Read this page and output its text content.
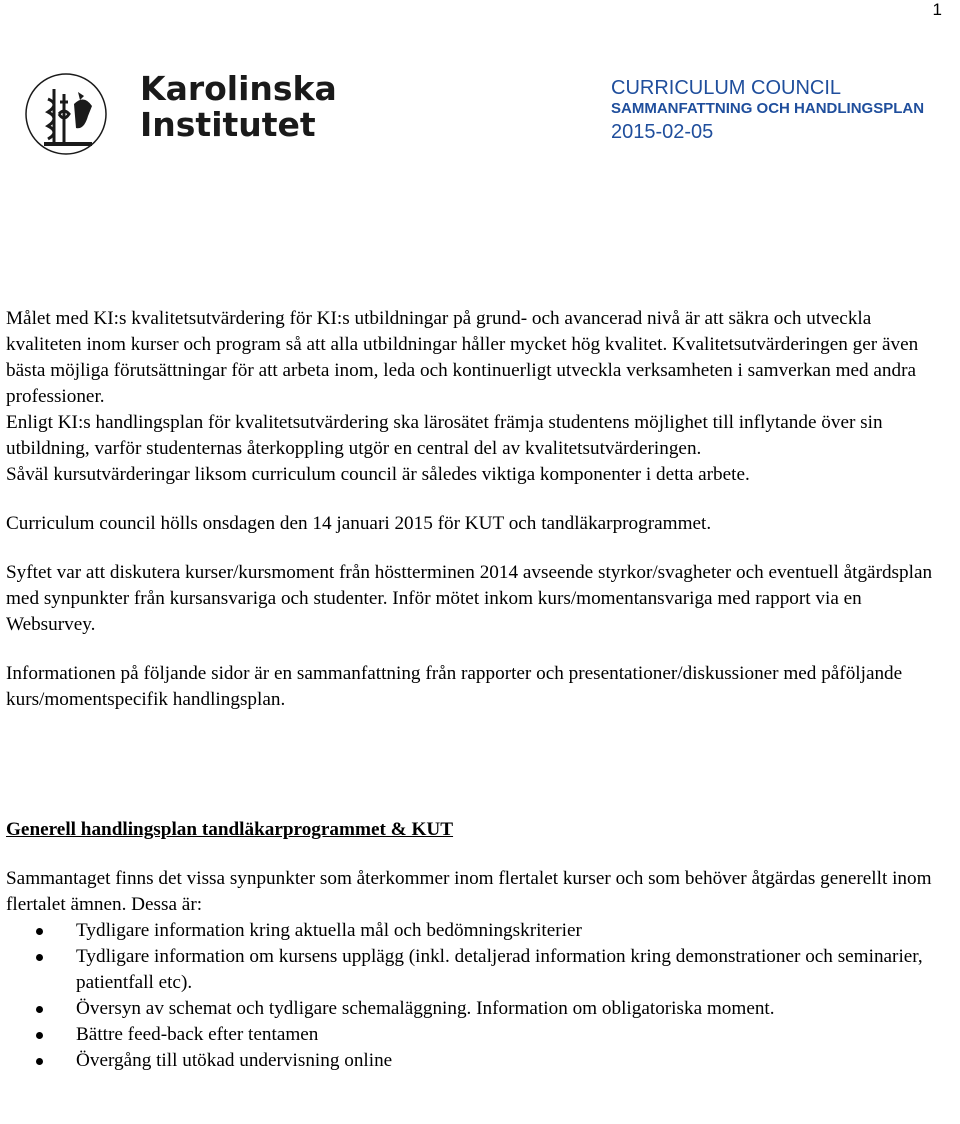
1
Karolinska
Institutet
CURRICULUM COUNCIL
SAMMANFATTNING OCH HANDLINGSPLAN
2015-02-05

Målet med KI:s kvalitetsutvärdering för KI:s utbildningar på grund- och avancerad nivå är att säkra och utveckla kvaliteten inom kurser och program så att alla utbildningar håller mycket hög kvalitet. Kvalitetsutvärderingen ger även bästa möjliga förutsättningar för att arbeta inom, leda och kontinuerligt utveckla verksamheten i samverkan med andra professioner.

Enligt KI:s handlingsplan för kvalitetsutvärdering ska lärosätet främja studentens möjlighet till inflytande över sin utbildning, varför studenternas återkoppling utgör en central del av kvalitetsutvärderingen.

Såväl kursutvärderingar liksom curriculum council är således viktiga komponenter i detta arbete.

Curriculum council hölls onsdagen den 14 januari 2015 för KUT och tandläkarprogrammet.

Syftet var att diskutera kurser/kursmoment från höstterminen 2014 avseende styrkor/svagheter och eventuell åtgärdsplan med synpunkter från kursansvariga och studenter. Inför mötet inkom kurs/momentansvariga med rapport via en Websurvey.

Informationen på följande sidor är en sammanfattning från rapporter och presentationer/diskussioner med påföljande kurs/momentspecifik handlingsplan.

Generell handlingsplan tandläkarprogrammet & KUT

Sammantaget finns det vissa synpunkter som återkommer inom flertalet kurser och som behöver åtgärdas generellt inom flertalet ämnen. Dessa är:

Tydligare information kring aktuella mål och bedömningskriterier
Tydligare information om kursens upplägg (inkl. detaljerad information kring demonstrationer och seminarier, patientfall etc).
Översyn av schemat och tydligare schemaläggning. Information om obligatoriska moment.
Bättre feed-back efter tentamen
Övergång till utökad undervisning online
